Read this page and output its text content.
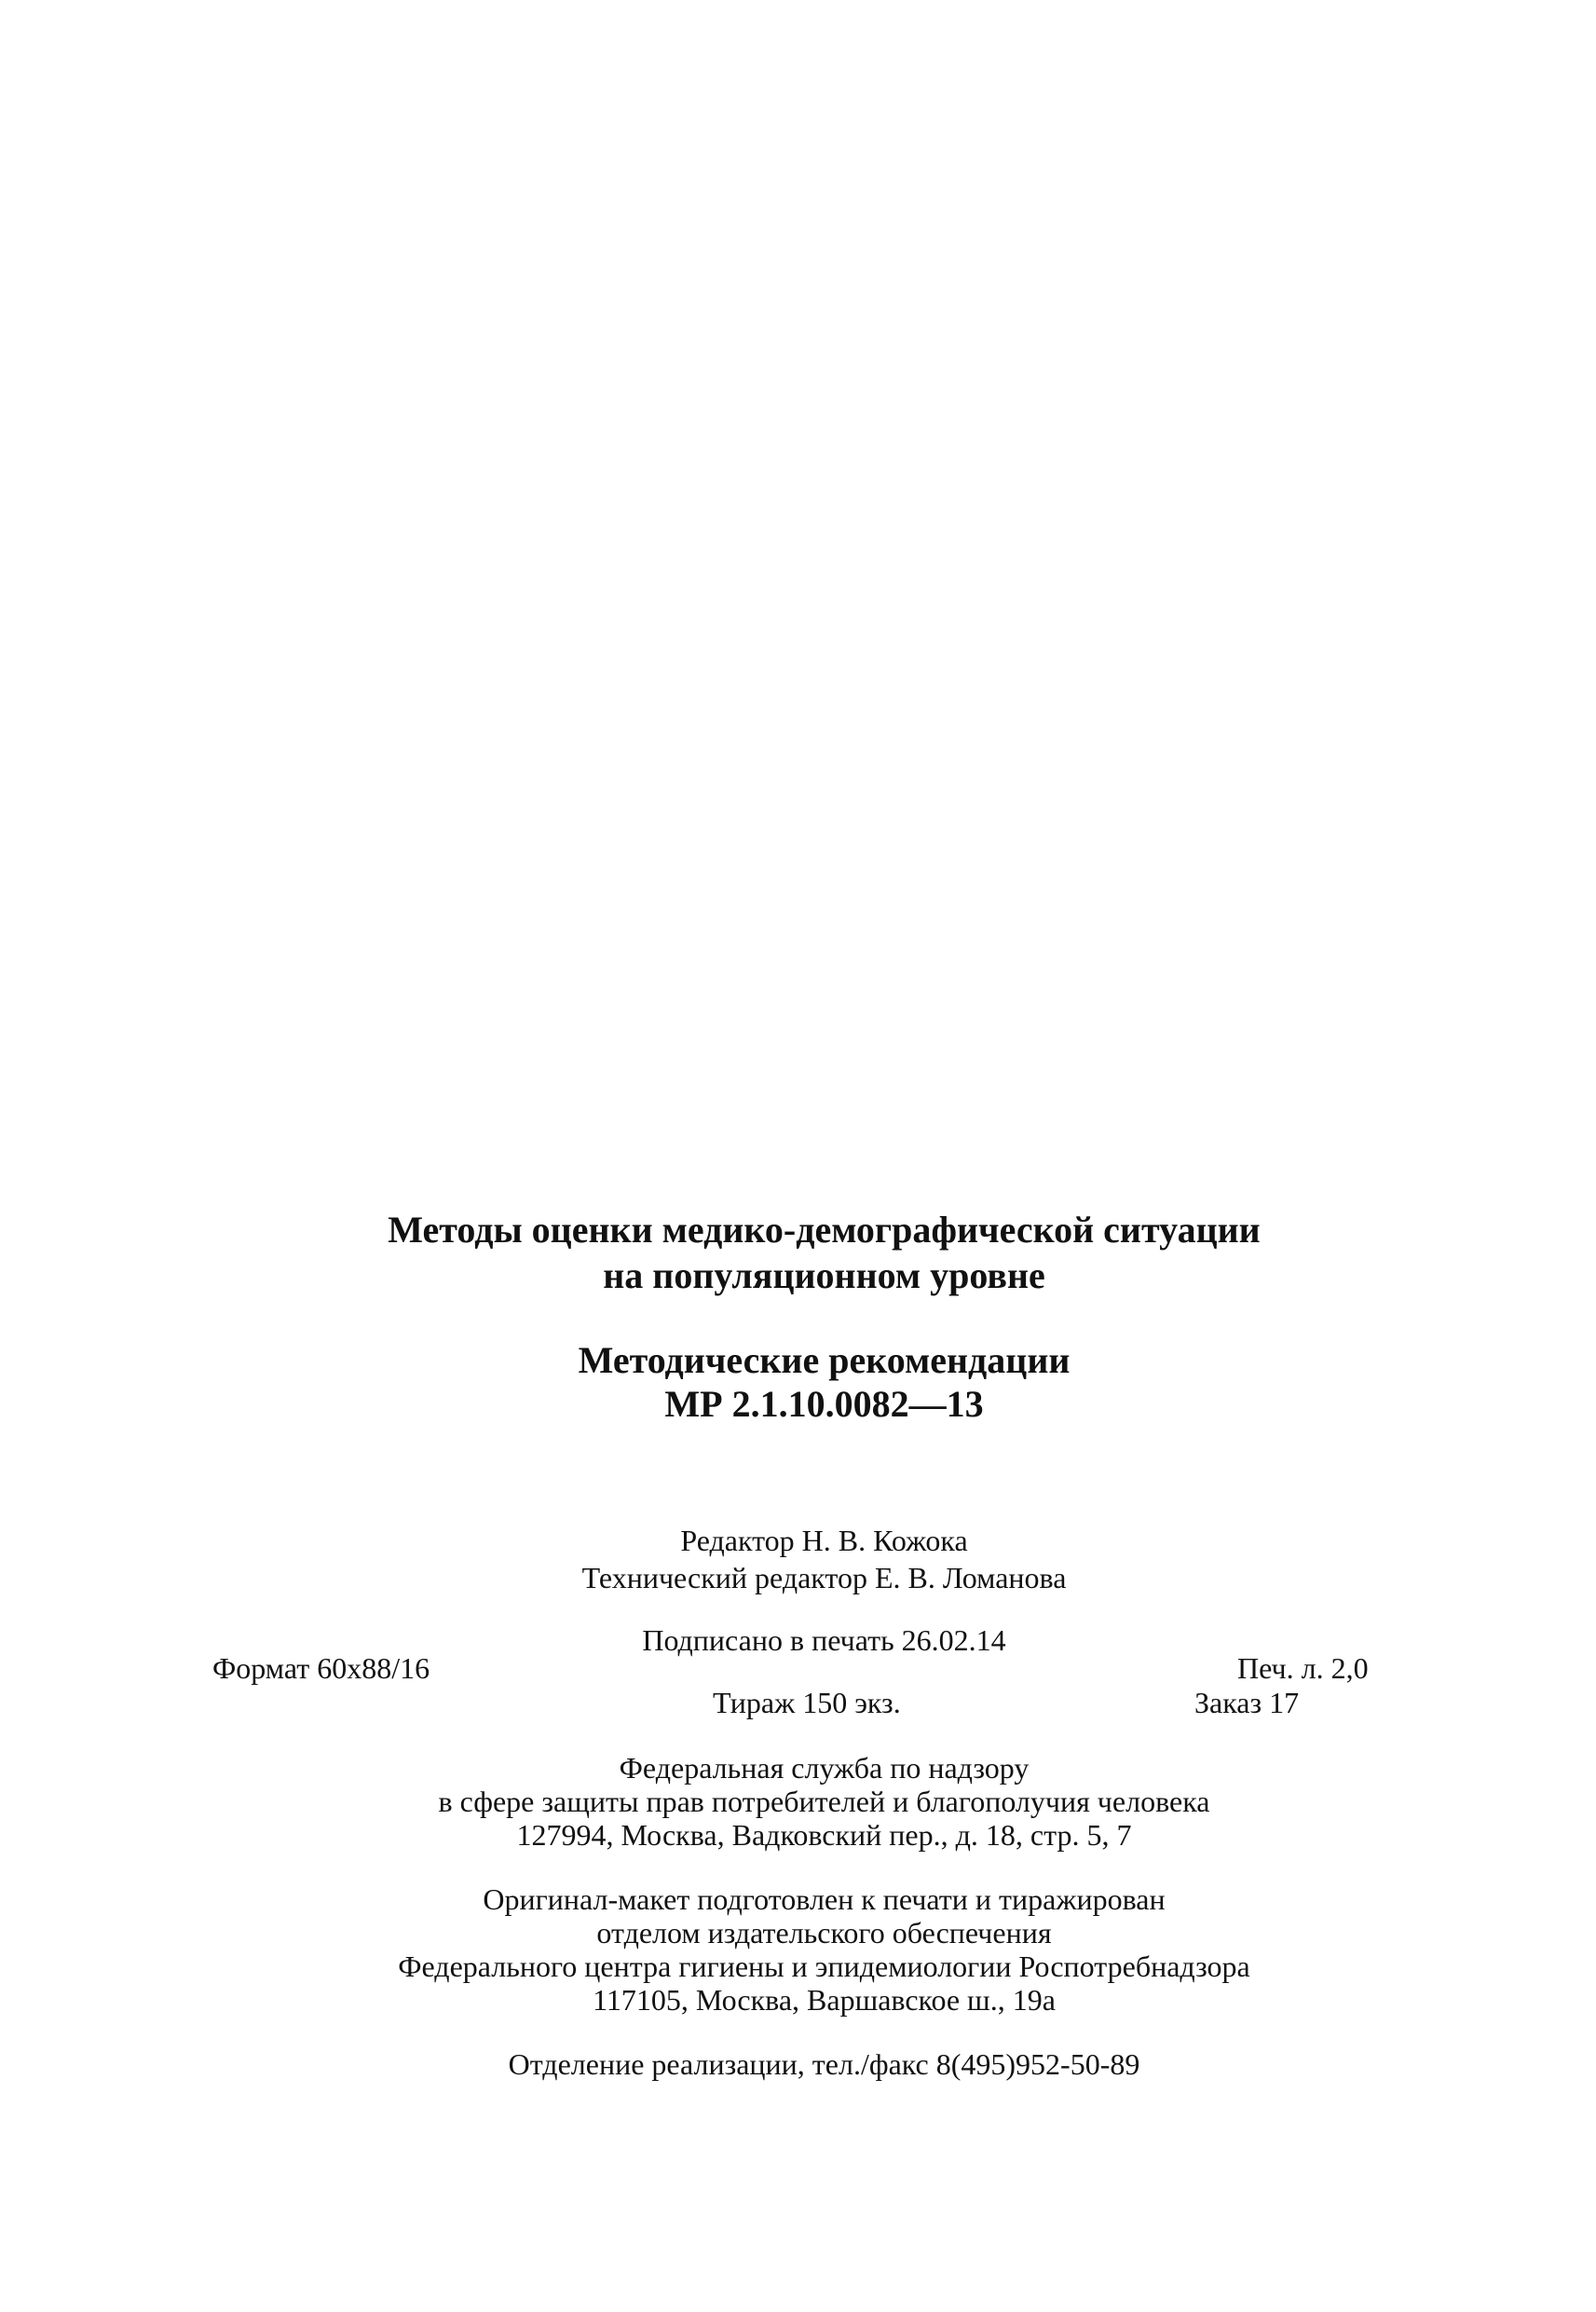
Методы оценки медико-демографической ситуации
на популяционном уровне
Методические рекомендации
МР 2.1.10.0082—13
Редактор Н. В. Кожока
Технический редактор Е. В. Ломанова
Подписано в печать 26.02.14
Формат 60х88/16	Печ. л. 2,0
Тираж 150 экз.	Заказ 17
Федеральная служба по надзору
в сфере защиты прав потребителей и благополучия человека
127994, Москва, Вадковский пер., д. 18, стр. 5, 7
Оригинал-макет подготовлен к печати и тиражирован
отделом издательского обеспечения
Федерального центра гигиены и эпидемиологии Роспотребнадзора
117105, Москва, Варшавское ш., 19а
Отделение реализации, тел./факс 8(495)952-50-89
